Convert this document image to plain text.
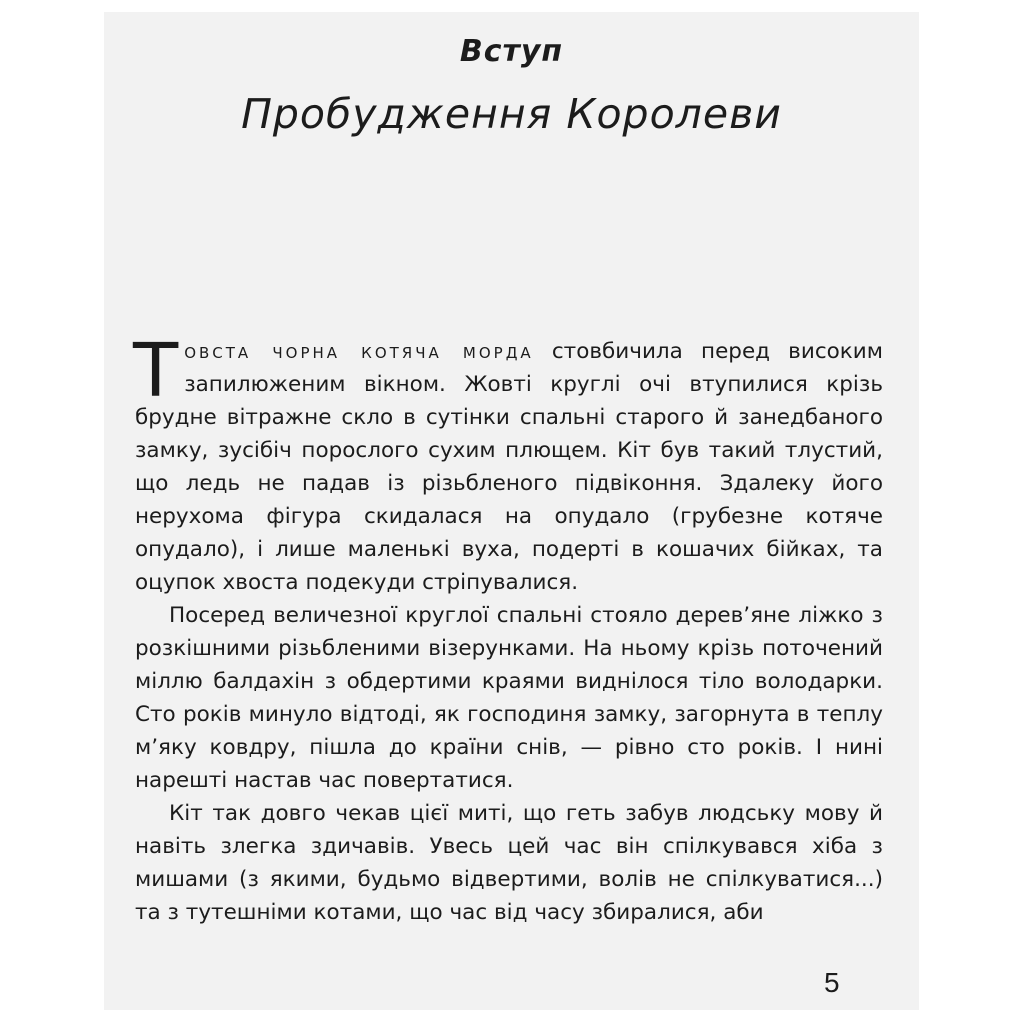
Вступ
Пробудження Королеви

Товста чорна котяча морда стовбичила перед високим запилюженим вікном. Жовті круглі очі втупилися крізь брудне вітражне скло в сутінки спальні старого й занедбаного замку, зусібіч порослого сухим плющем. Кіт був такий тлустий, що ледь не падав із різьбленого підвіконня. Здалеку його нерухома фігура скидалася на опудало (грубезне котяче опудало), і лише маленькі вуха, подерті в кошачих бійках, та оцупок хвоста подекуди стріпувалися.

Посеред величезної круглої спальні стояло дерев’яне ліжко з розкішними різьбленими візерунками. На ньому крізь поточений міллю балдахін з обдертими краями виднілося тіло володарки. Сто років минуло відтоді, як господиня замку, загорнута в теплу м’яку ковдру, пішла до країни снів, — рівно сто років. І нині нарешті настав час повертатися.

Кіт так довго чекав цієї миті, що геть забув людську мову й навіть злегка здичавів. Увесь цей час він спілкувався хіба з мишами (з якими, будьмо відвертими, волів не спілкуватися...) та з тутешніми котами, що час від часу збиралися, аби

5
